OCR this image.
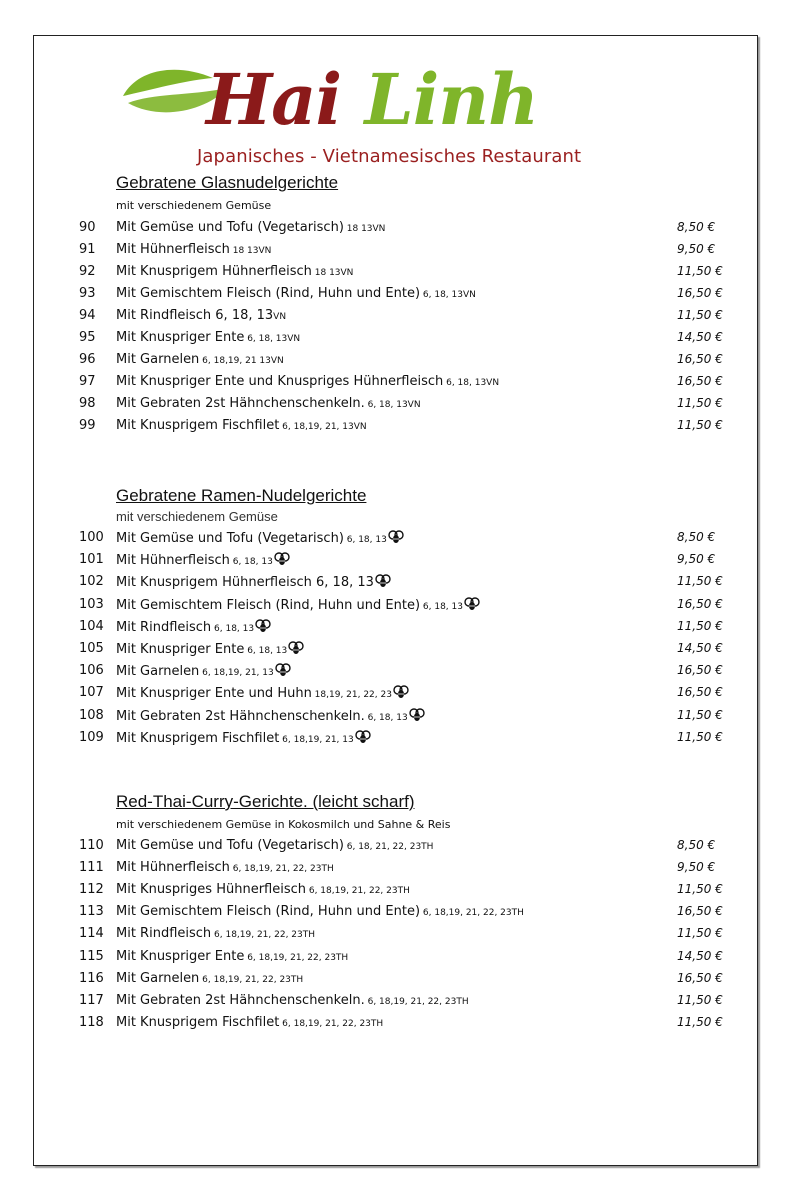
Hai Linh
Japanisches - Vietnamesisches Restaurant
Gebratene Glasnudelgerichte
mit verschiedenem Gemüse
90 Mit Gemüse und Tofu (Vegetarisch) 18 13VN	8,50 €
91 Mit Hühnerfleisch 18 13VN	9,50 €
92 Mit Knusprigem Hühnerfleisch 18 13VN	11,50 €
93 Mit Gemischtem Fleisch (Rind, Huhn und Ente) 6, 18, 13VN	16,50 €
94 Mit Rindfleisch 6, 18, 13VN	11,50 €
95 Mit Knuspriger Ente 6, 18, 13VN	14,50 €
96 Mit Garnelen 6, 18,19, 21 13VN	16,50 €
97 Mit Knuspriger Ente und Knuspriges Hühnerfleisch 6, 18, 13VN	16,50 €
98 Mit Gebraten 2st Hähnchenschenkeln. 6, 18, 13VN	11,50 €
99 Mit Knusprigem Fischfilet 6, 18,19, 21, 13VN	11,50 €
Gebratene Ramen-Nudelgerichte
mit verschiedenem Gemüse
100 Mit Gemüse und Tofu (Vegetarisch) 6, 18, 13	8,50 €
101 Mit Hühnerfleisch 6, 18, 13	9,50 €
102 Mit Knusprigem Hühnerfleisch 6, 18, 13	11,50 €
103 Mit Gemischtem Fleisch (Rind, Huhn und Ente) 6, 18, 13	16,50 €
104 Mit Rindfleisch 6, 18, 13	11,50 €
105 Mit Knuspriger Ente 6, 18, 13	14,50 €
106 Mit Garnelen 6, 18,19, 21, 13	16,50 €
107 Mit Knuspriger Ente und Huhn 18,19, 21, 22, 23	16,50 €
108 Mit Gebraten 2st Hähnchenschenkeln. 6, 18, 13	11,50 €
109 Mit Knusprigem Fischfilet 6, 18,19, 21, 13	11,50 €
Red-Thai-Curry-Gerichte. (leicht scharf)
mit verschiedenem Gemüse in Kokosmilch und Sahne & Reis
110 Mit Gemüse und Tofu (Vegetarisch) 6, 18, 21, 22, 23TH	8,50 €
111 Mit Hühnerfleisch 6, 18,19, 21, 22, 23TH	9,50 €
112 Mit Knuspriges Hühnerfleisch 6, 18,19, 21, 22, 23TH	11,50 €
113 Mit Gemischtem Fleisch (Rind, Huhn und Ente) 6, 18,19, 21, 22, 23TH	16,50 €
114 Mit Rindfleisch 6, 18,19, 21, 22, 23TH	11,50 €
115 Mit Knuspriger Ente 6, 18,19, 21, 22, 23TH	14,50 €
116 Mit Garnelen 6, 18,19, 21, 22, 23TH	16,50 €
117 Mit Gebraten 2st Hähnchenschenkeln. 6, 18,19, 21, 22, 23TH	11,50 €
118 Mit Knusprigem Fischfilet 6, 18,19, 21, 22, 23TH	11,50 €
